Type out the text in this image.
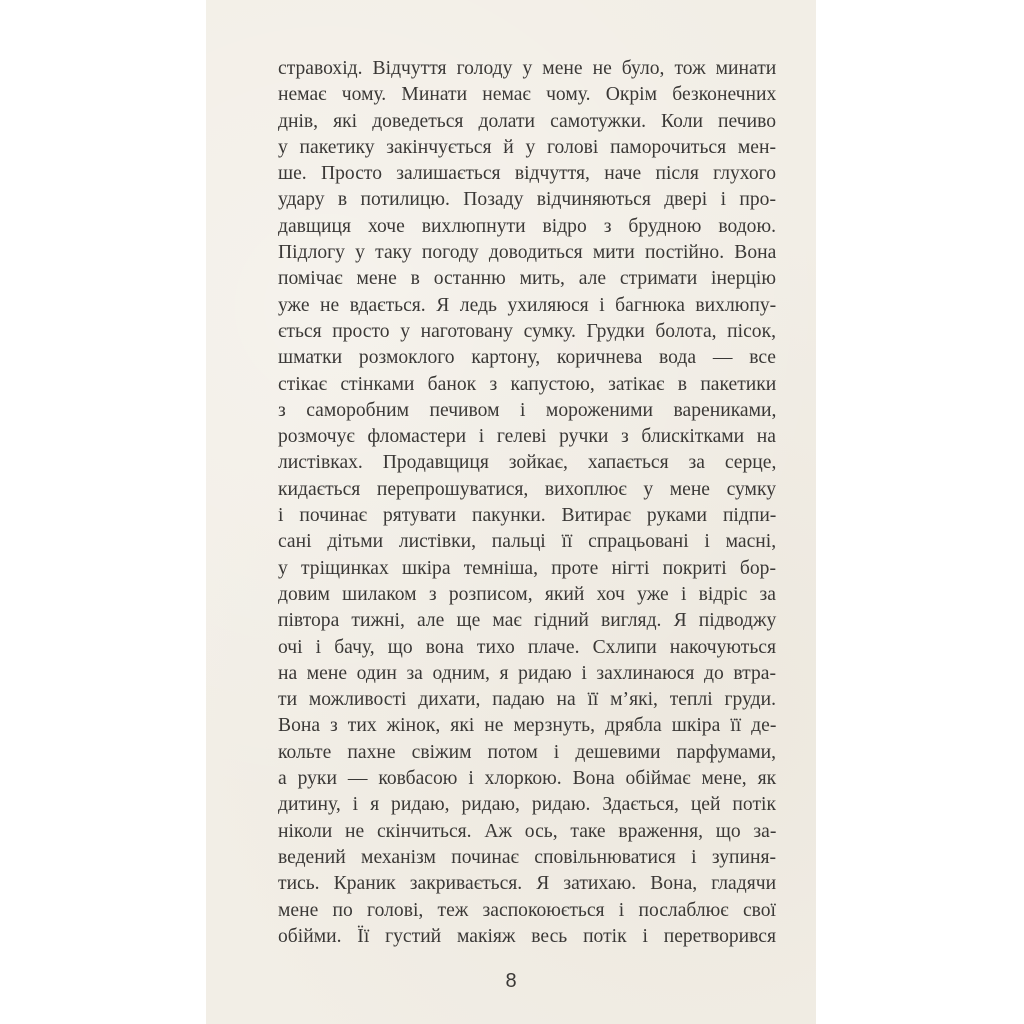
стравохід. Відчуття голоду у мене не було, тож минати
немає чому. Минати немає чому. Окрім безконечних
днів, які доведеться долати самотужки. Коли печиво
у пакетику закінчується й у голові паморочиться мен-
ше. Просто залишається відчуття, наче після глухого
удару в потилицю. Позаду відчиняються двері і про-
давщиця хоче вихлюпнути відро з брудною водою.
Підлогу у таку погоду доводиться мити постійно. Вона
помічає мене в останню мить, але стримати інерцію
уже не вдається. Я ледь ухиляюся і багнюка вихлюпу-
ється просто у наготовану сумку. Грудки болота, пісок,
шматки розмоклого картону, коричнева вода — все
стікає стінками банок з капустою, затікає в пакетики
з саморобним печивом і мороженими варениками,
розмочує фломастери і гелеві ручки з блискітками на
листівках. Продавщиця зойкає, хапається за серце,
кидається перепрошуватися, вихоплює у мене сумку
і починає рятувати пакунки. Витирає руками підпи-
сані дітьми листівки, пальці її спрацьовані і масні,
у тріщинках шкіра темніша, проте нігті покриті бор-
довим шилаком з розписом, який хоч уже і відріс за
півтора тижні, але ще має гідний вигляд. Я підводжу
очі і бачу, що вона тихо плаче. Схлипи накочуються
на мене один за одним, я ридаю і захлинаюся до втра-
ти можливості дихати, падаю на її м’які, теплі груди.
Вона з тих жінок, які не мерзнуть, дрябла шкіра її де-
кольте пахне свіжим потом і дешевими парфумами,
а руки — ковбасою і хлоркою. Вона обіймає мене, як
дитину, і я ридаю, ридаю, ридаю. Здається, цей потік
ніколи не скінчиться. Аж ось, таке враження, що за-
ведений механізм починає сповільнюватися і зупиня-
тись. Краник закривається. Я затихаю. Вона, гладячи
мене по голові, теж заспокоюється і послаблює свої
обійми. Її густий макіяж весь потік і перетворився
8
